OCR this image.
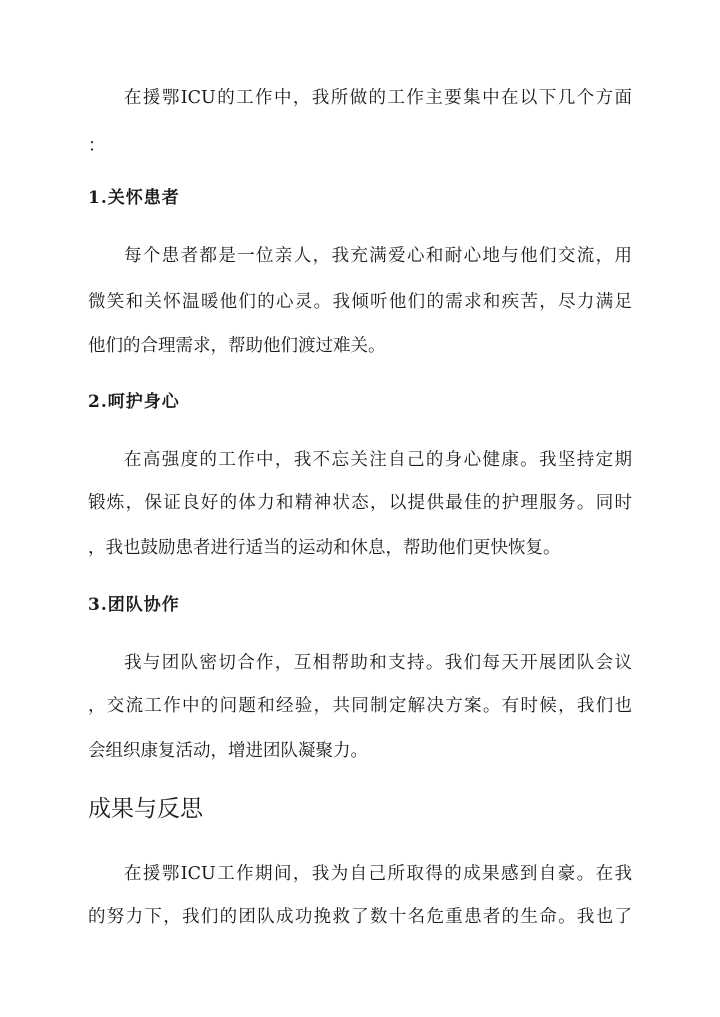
在援鄂ICU的工作中，我所做的工作主要集中在以下几个方面
：
1.关怀患者
每个患者都是一位亲人，我充满爱心和耐心地与他们交流，用
微笑和关怀温暖他们的心灵。我倾听他们的需求和疾苦，尽力满足
他们的合理需求，帮助他们渡过难关。
2.呵护身心
在高强度的工作中，我不忘关注自己的身心健康。我坚持定期
锻炼，保证良好的体力和精神状态，以提供最佳的护理服务。同时
，我也鼓励患者进行适当的运动和休息，帮助他们更快恢复。
3.团队协作
我与团队密切合作，互相帮助和支持。我们每天开展团队会议
，交流工作中的问题和经验，共同制定解决方案。有时候，我们也
会组织康复活动，增进团队凝聚力。
成果与反思
在援鄂ICU工作期间，我为自己所取得的成果感到自豪。在我
的努力下，我们的团队成功挽救了数十名危重患者的生命。我也了
